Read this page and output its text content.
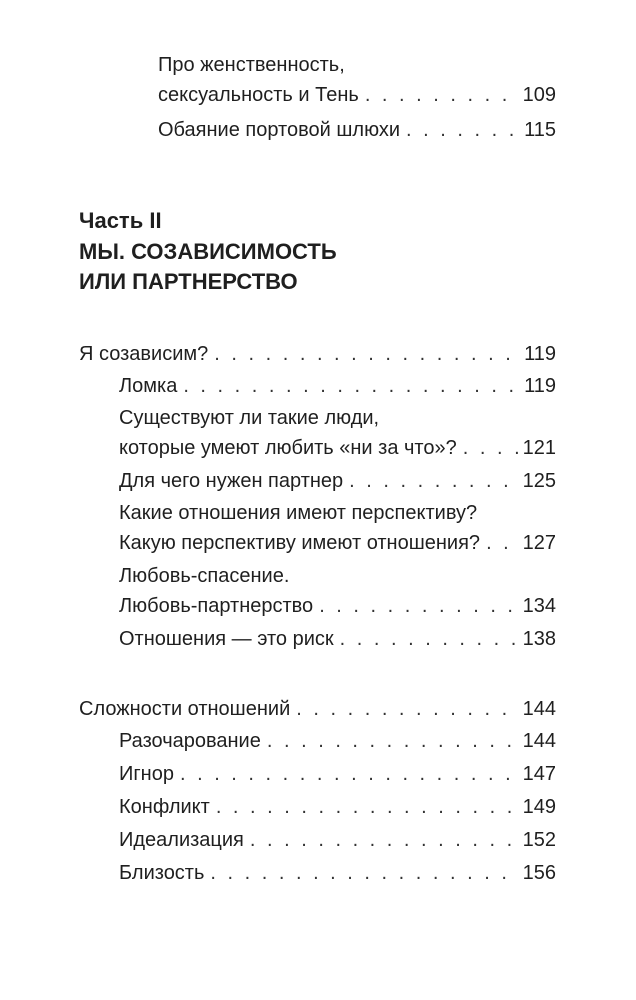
Про женственность,
сексуальность и Тень . . .	109
Обаяние портовой шлюхи . . .	115
Часть II
МЫ. СОЗАВИСИМОСТЬ
ИЛИ ПАРТНЕРСТВО
Я созависим? . . .	119
Ломка . . .	119
Существуют ли такие люди,
которые умеют любить «ни за что»? . . .	121
Для чего нужен партнер . . .	125
Какие отношения имеют перспективу?
Какую перспективу имеют отношения? . . . 127
Любовь-спасение.
Любовь-партнерство . . .	134
Отношения — это риск . . .	138
Сложности отношений . . .	144
Разочарование . . .	144
Игнор . . .	147
Конфликт . . .	149
Идеализация . . .	152
Близость . . .	156
